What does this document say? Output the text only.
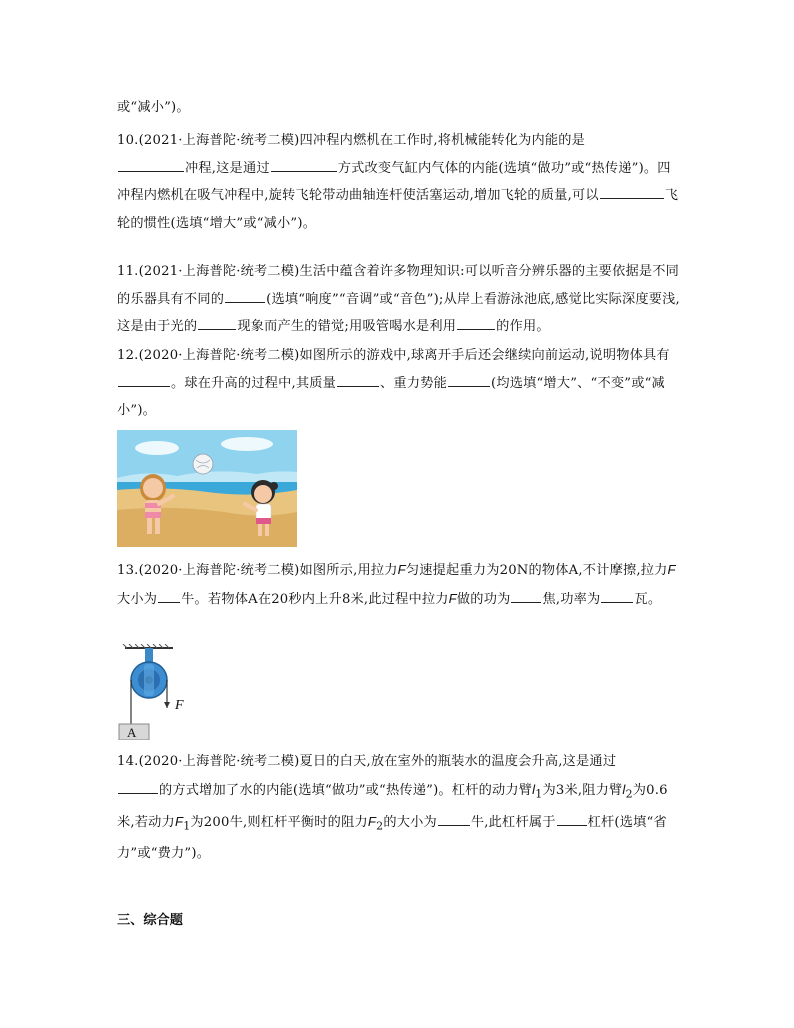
或“减小”)。
10.(2021·上海普陀·统考二模)四冲程内燃机在工作时,将机械能转化为内能的是
冲程,这是通过	方式改变气缸内气体的内能(选填“做功”或“热传递”)。四冲程内燃机在吸气冲程中,旋转飞轮带动曲轴连杆使活塞运动,增加飞轮的质量,可以	飞轮的惯性(选填“增大”或“减小”)。
11.(2021·上海普陀·统考二模)生活中蕴含着许多物理知识:可以听音分辨乐器的主要依据是不同的乐器具有不同的	(选填“响度”“音调”或“音色”);从岸上看游泳池底,感觉比实际深度要浅,这是由于光的	现象而产生的错觉;用吸管喝水是利用	的作用。
12.(2020·上海普陀·统考二模)如图所示的游戏中,球离开手后还会继续向前运动,说明物体具有。球在升高的过程中,其质量	、重力势能	(均选填“增大”、“不变”或“减小”)。
13.(2020·上海普陀·统考二模)如图所示,用拉力F匀速提起重力为20N的物体A,不计摩擦,拉力F大小为 牛。若物体A在20秒内上升8米,此过程中拉力F做的功为 焦,功率为	瓦。
F
A
14.(2020·上海普陀·统考二模)夏日的白天,放在室外的瓶装水的温度会升高,这是通过
的方式增加了水的内能(选填“做功”或“热传递”)。杠杆的动力臂$l_1$为3米,阻力臂$l_2$为0.6米,若动力$F_1$为200牛,则杠杆平衡时的阻力$F_2$的大小为	牛,此杠杆属于 杠杆(选填“省力”或“费力”)。
三、综合题
